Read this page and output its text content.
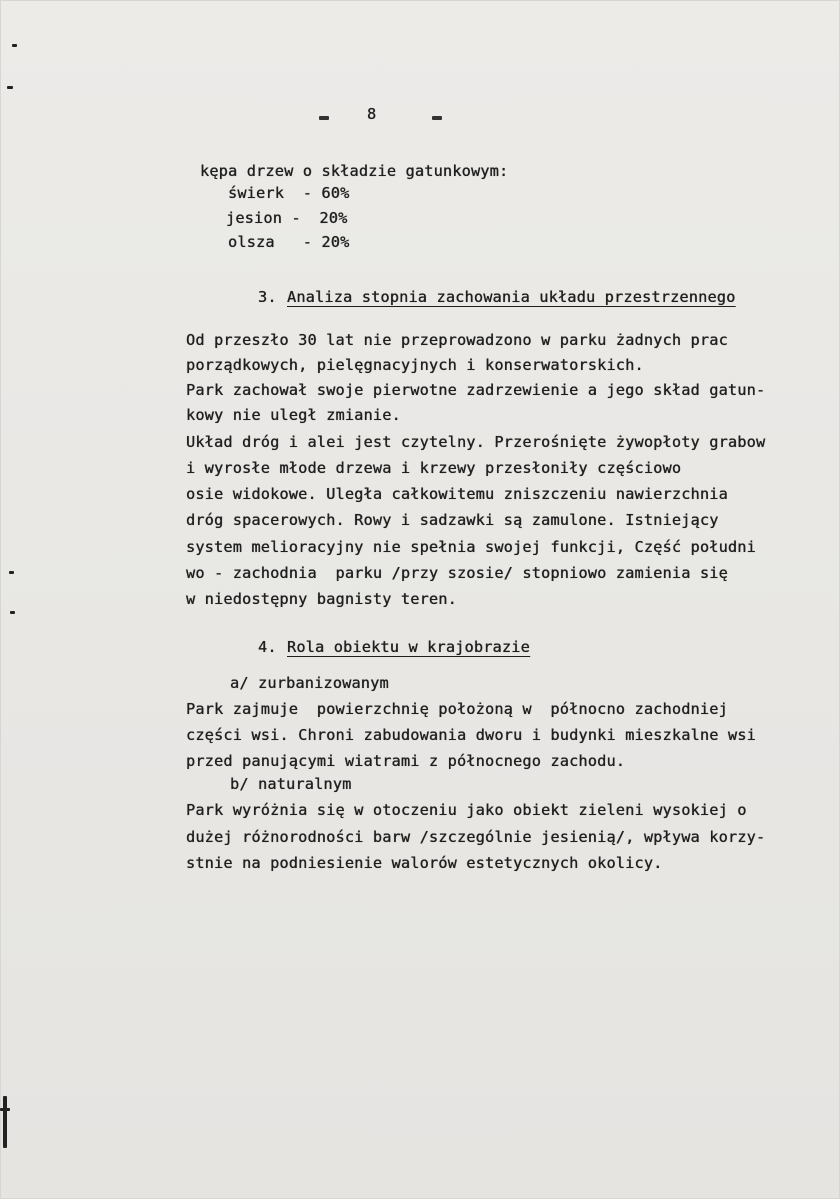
8
kępa drzew o składzie gatunkowym:
świerk  - 60%
jesion -  20%
olsza   - 20%
3. Analiza stopnia zachowania układu przestrzennego
Od przeszło 30 lat nie przeprowadzono w parku żadnych prac
porządkowych, pielęgnacyjnych i konserwatorskich.
Park zachował swoje pierwotne zadrzewienie a jego skład gatun-
kowy nie uległ zmianie.
Układ dróg i alei jest czytelny. Przerośnięte żywopłoty grabow
i wyrosłe młode drzewa i krzewy przesłoniły częściowo
osie widokowe. Uległa całkowitemu zniszczeniu nawierzchnia
dróg spacerowych. Rowy i sadzawki są zamulone. Istniejący
system melioracyjny nie spełnia swojej funkcji, Część południ
wo - zachodnia  parku /przy szosie/ stopniowo zamienia się
w niedostępny bagnisty teren.
4. Rola obiektu w krajobrazie
a/ zurbanizowanym
Park zajmuje  powierzchnię położoną w  północno zachodniej
części wsi. Chroni zabudowania dworu i budynki mieszkalne wsi
przed panującymi wiatrami z północnego zachodu.
b/ naturalnym
Park wyróżnia się w otoczeniu jako obiekt zieleni wysokiej o
dużej różnorodności barw /szczególnie jesienią/, wpływa korzy-
stnie na podniesienie walorów estetycznych okolicy.
